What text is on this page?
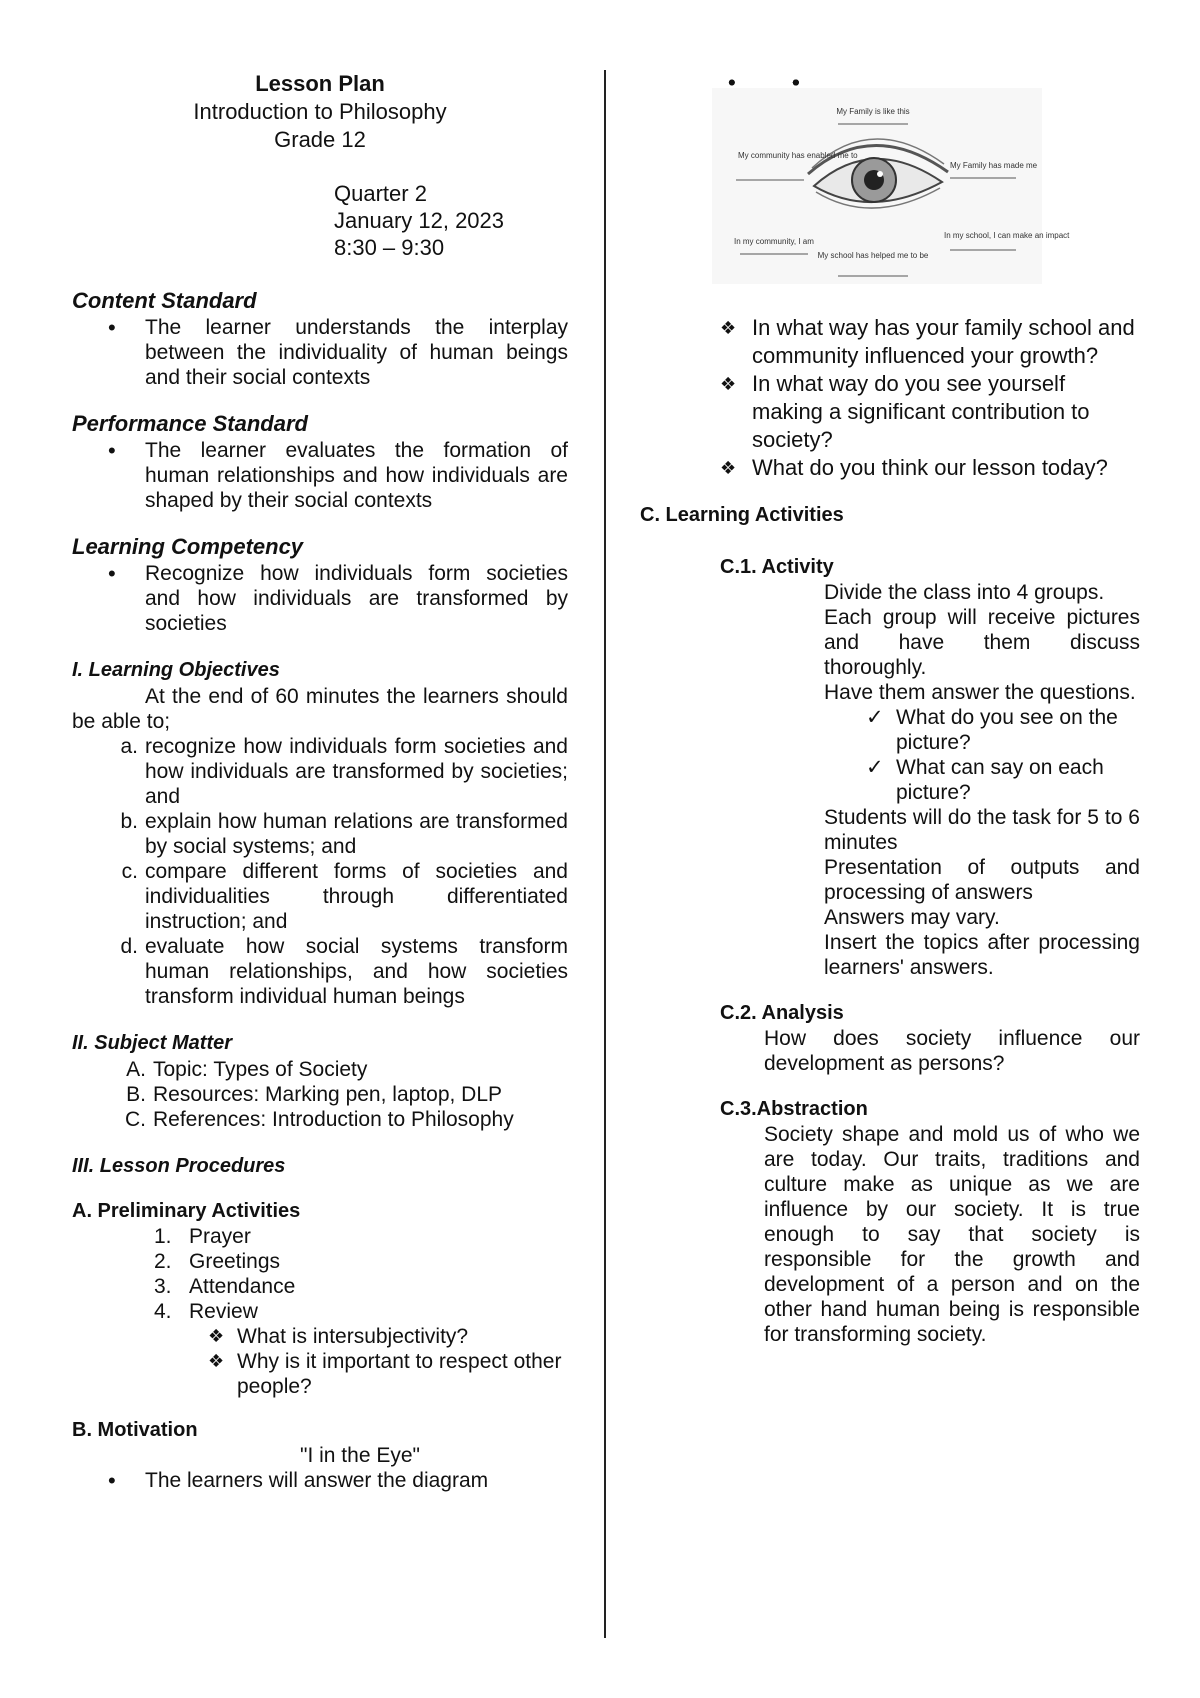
Lesson Plan
Introduction to Philosophy
Grade 12
Quarter 2
January 12, 2023
8:30 – 9:30
Content Standard
• The learner understands the interplay between the individuality of human beings and their social contexts
Performance Standard
• The learner evaluates the formation of human relationships and how individuals are shaped by their social contexts
Learning Competency
• Recognize how individuals form societies and how individuals are transformed by societies
I. Learning Objectives
At the end of 60 minutes the learners should be able to;
a. recognize how individuals form societies and how individuals are transformed by societies; and
b. explain how human relations are transformed by social systems; and
c. compare different forms of societies and individualities through differentiated instruction; and
d. evaluate how social systems transform human relationships, and how societies transform individual human beings
II. Subject Matter
A. Topic: Types of Society
B. Resources: Marking pen, laptop, DLP
C. References: Introduction to Philosophy
III. Lesson Procedures
A. Preliminary Activities
1. Prayer
2. Greetings
3. Attendance
4. Review
❖ What is intersubjectivity?
❖ Why is it important to respect other people?
B. Motivation
"I in the Eye"
• The learners will answer the diagram
My Family is like this
My community has enabled me to
My Family has made me
In my community, I am
My school has helped me to be
In my school, I can make an impact
❖ In what way has your family school and community influenced your growth?
❖ In what way do you see yourself making a significant contribution to society?
❖ What do you think our lesson today?
C. Learning Activities
C.1. Activity
• Divide the class into 4 groups.
• Each group will receive pictures and have them discuss thoroughly.
• Have them answer the questions.
✓ What do you see on the picture?
✓ What can say on each picture?
• Students will do the task for 5 to 6 minutes
• Presentation of outputs and processing of answers
• Answers may vary.
• Insert the topics after processing learners' answers.
C.2. Analysis
• How does society influence our development as persons?
C.3.Abstraction
• Society shape and mold us of who we are today. Our traits, traditions and culture make as unique as we are influence by our society. It is true enough to say that society is responsible for the growth and development of a person and on the other hand human being is responsible for transforming society.
